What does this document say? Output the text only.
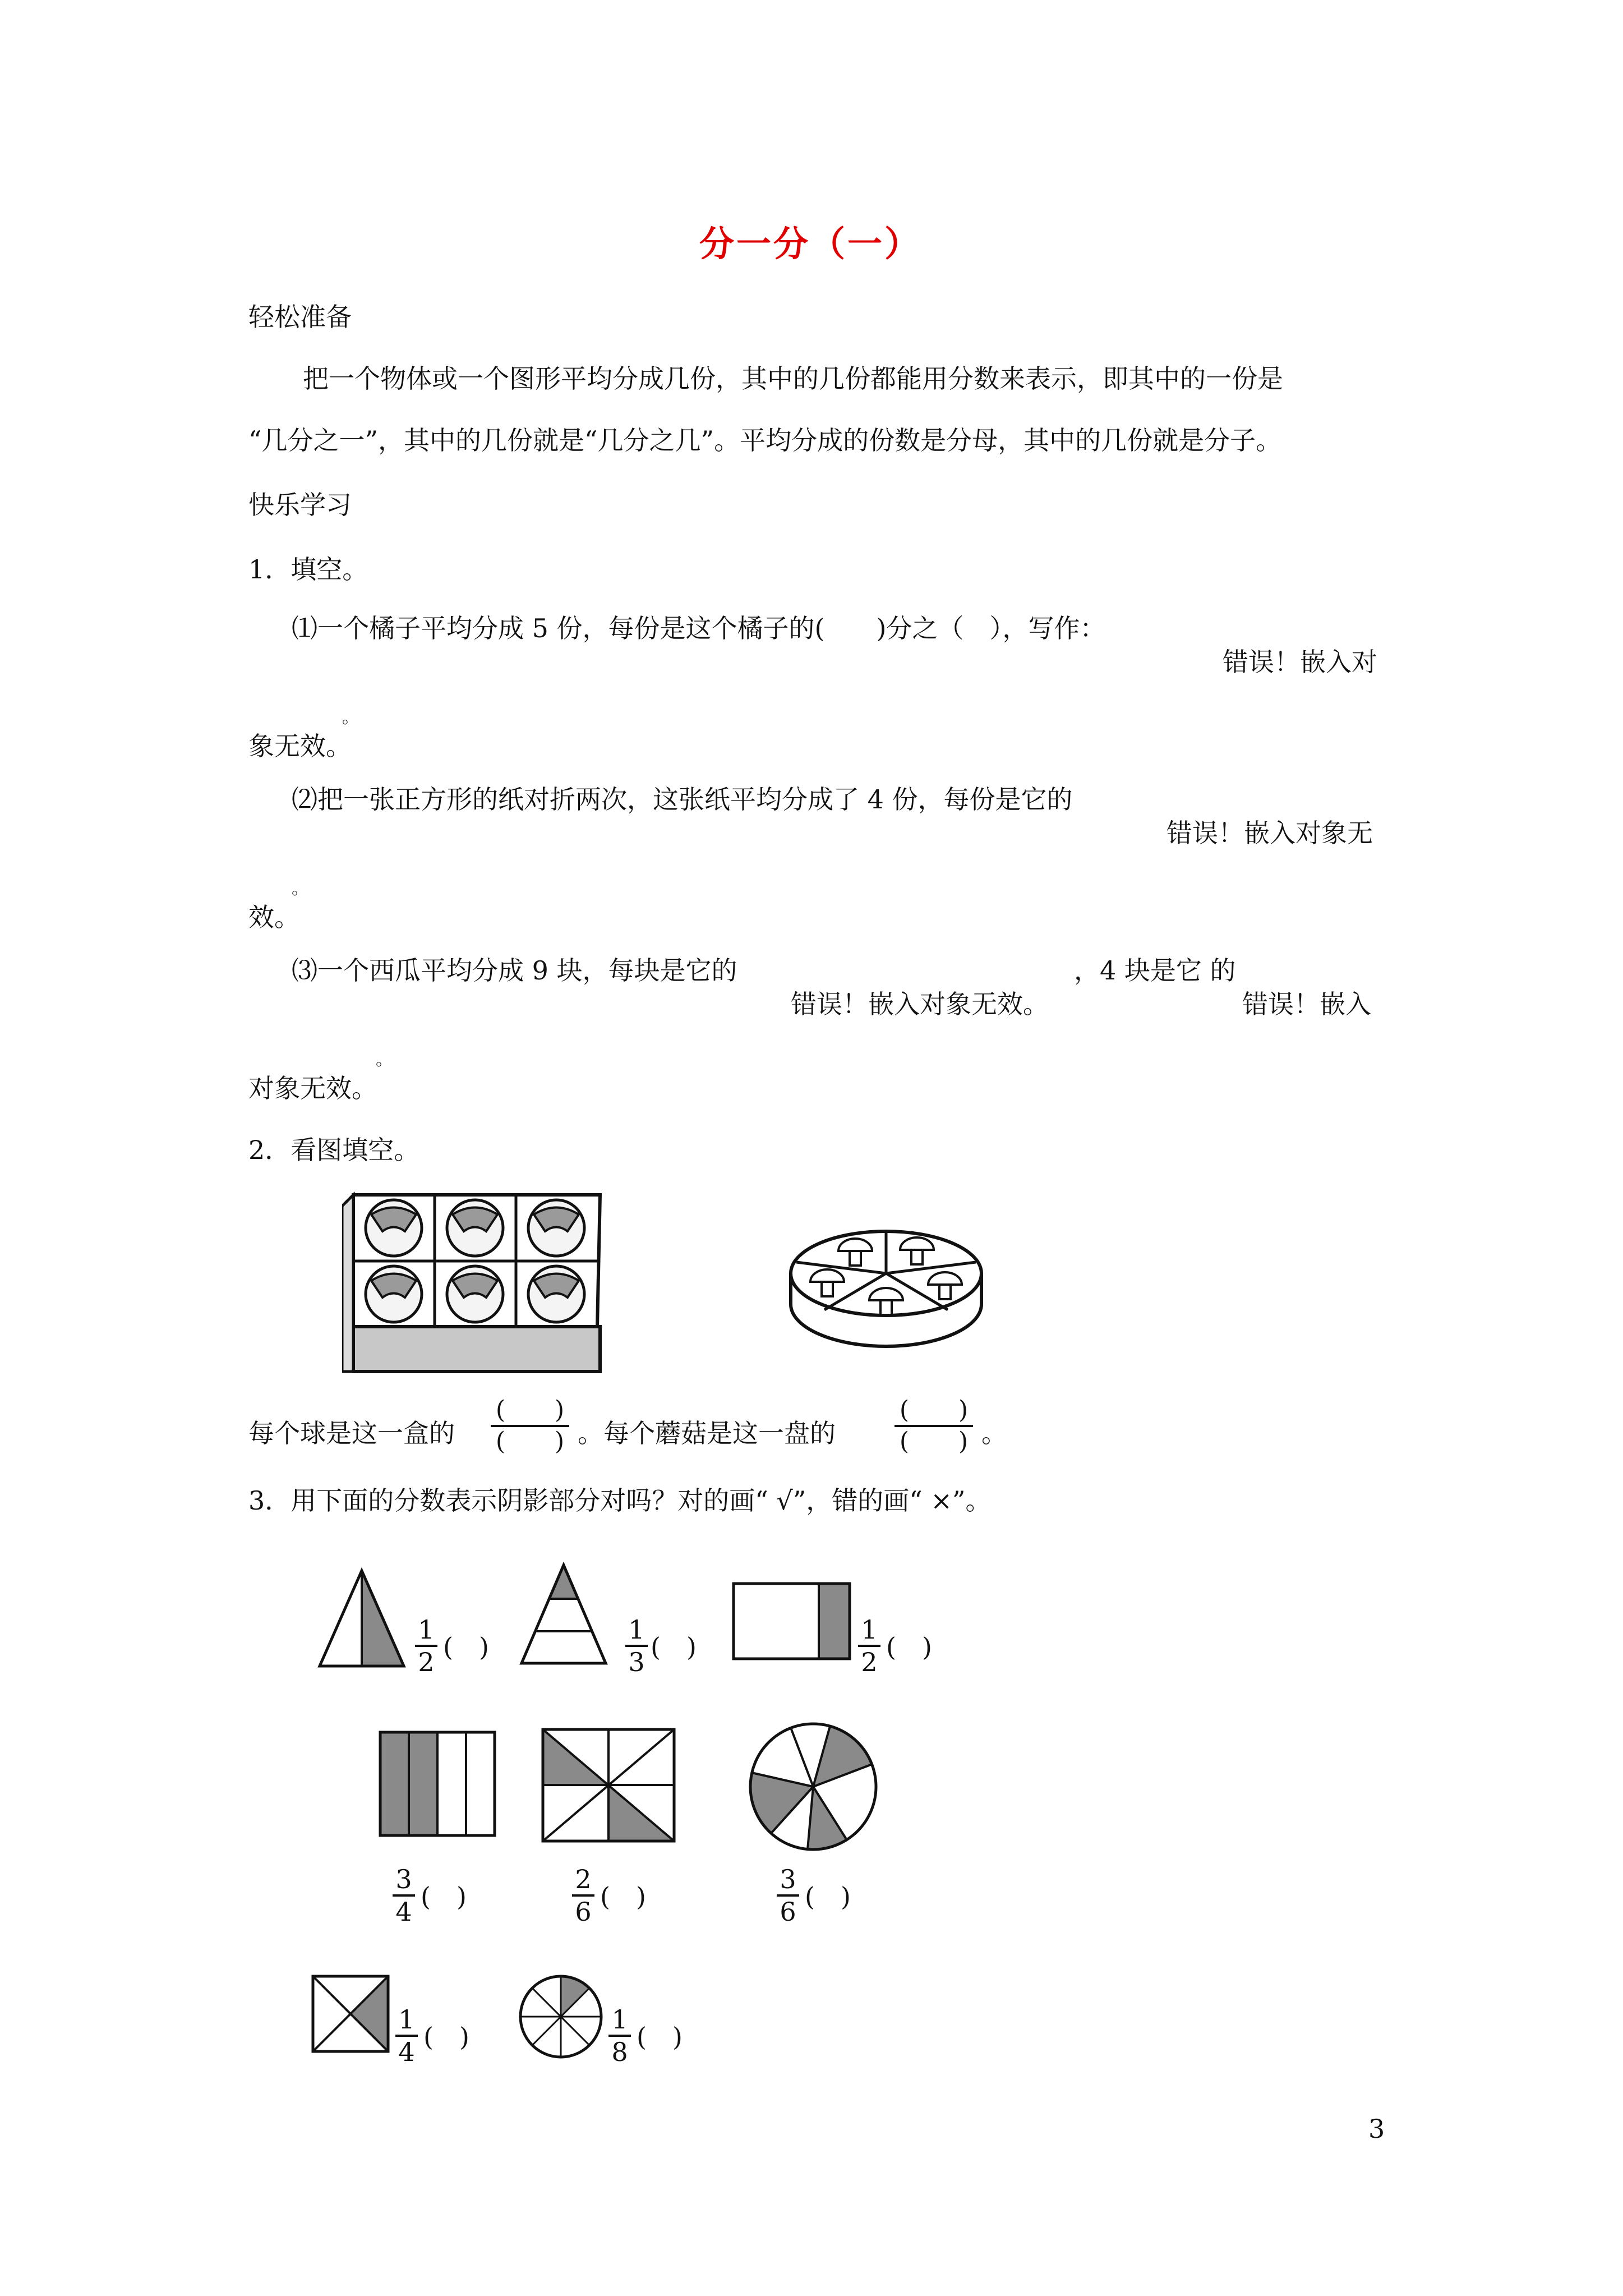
分一分（一）
轻松准备
把一个物体或一个图形平均分成几份，其中的几份都能用分数来表示，即其中的一份是
“几分之一”，其中的几份就是“几分之几”。平均分成的份数是分母，其中的几份就是分子。
快乐学习
1．填空。
⑴一个橘子平均分成 5 份，每份是这个橘子的(　　)分之（　），写作：
错误！嵌入对
。
象无效。
⑵把一张正方形的纸对折两次，这张纸平均分成了 4 份，每份是它的
错误！嵌入对象无
。
效。
⑶一个西瓜平均分成 9 块，每块是它的	，4 块是它 的
错误！嵌入对象无效。	错误！嵌入
。
对象无效。
2．看图填空。
每个球是这一盒的
(　　)
(　　) 。每个蘑菇是这一盘的
(　　)
(　　) 。
3．用下面的分数表示阴影部分对吗？对的画“ √”，错的画“ ×”。
1
2 (　)
1
3 (　)
1
2 (　)
3
4 (　)
2
6 (　)
3
6 (　)
1
4 (　)
1
8 (　)
3
